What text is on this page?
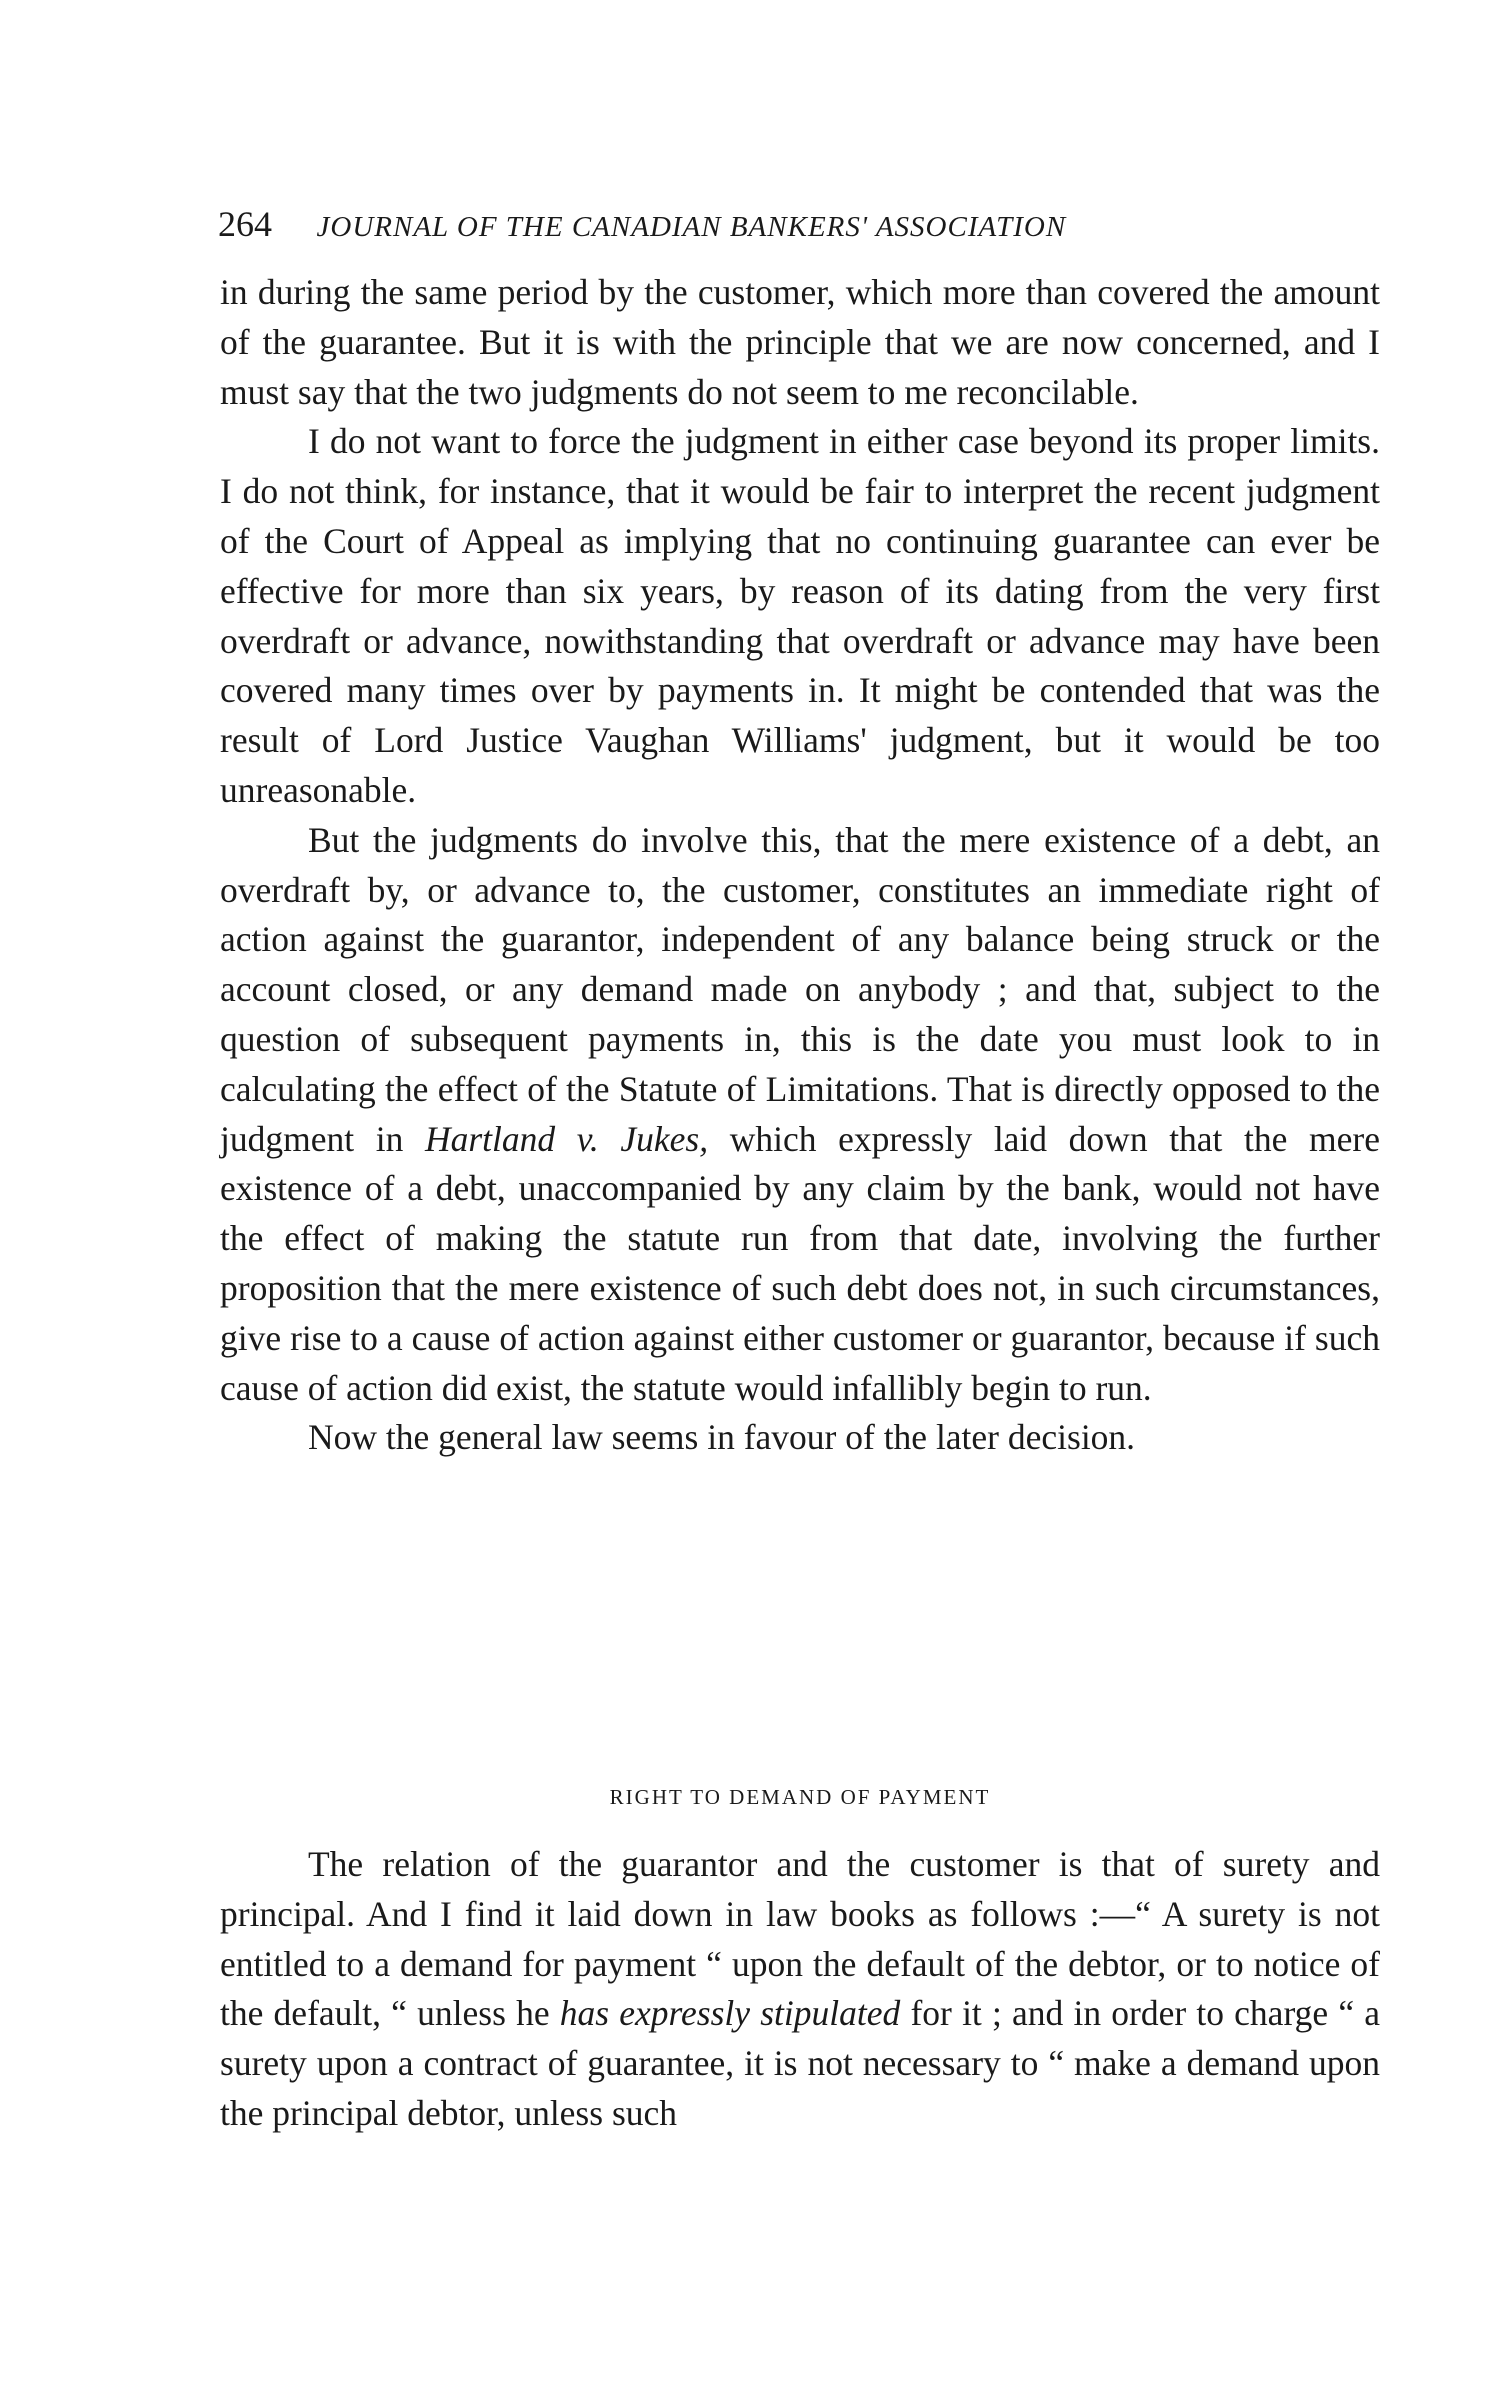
264 JOURNAL OF THE CANADIAN BANKERS' ASSOCIATION

in during the same period by the customer, which more than covered the amount of the guarantee. But it is with the principle that we are now concerned, and I must say that the two judgments do not seem to me reconcilable.

I do not want to force the judgment in either case beyond its proper limits. I do not think, for instance, that it would be fair to interpret the recent judgment of the Court of Appeal as implying that no continuing guarantee can ever be effective for more than six years, by reason of its dating from the very first overdraft or advance, nowithstanding that overdraft or advance may have been covered many times over by payments in. It might be contended that was the result of Lord Justice Vaughan Williams' judgment, but it would be too unreasonable.

But the judgments do involve this, that the mere existence of a debt, an overdraft by, or advance to, the customer, constitutes an immediate right of action against the guarantor, independent of any balance being struck or the account closed, or any demand made on anybody ; and that, subject to the question of subsequent payments in, this is the date you must look to in calculating the effect of the Statute of Limitations. That is directly opposed to the judgment in Hartland v. Jukes, which expressly laid down that the mere existence of a debt, unaccompanied by any claim by the bank, would not have the effect of making the statute run from that date, involving the further proposition that the mere existence of such debt does not, in such circumstances, give rise to a cause of action against either customer or guarantor, because if such cause of action did exist, the statute would infallibly begin to run.

Now the general law seems in favour of the later decision.

RIGHT TO DEMAND OF PAYMENT

The relation of the guarantor and the customer is that of surety and principal. And I find it laid down in law books as follows :—“ A surety is not entitled to a demand for payment “ upon the default of the debtor, or to notice of the default, “ unless he has expressly stipulated for it ; and in order to charge “ a surety upon a contract of guarantee, it is not necessary to “ make a demand upon the principal debtor, unless such
